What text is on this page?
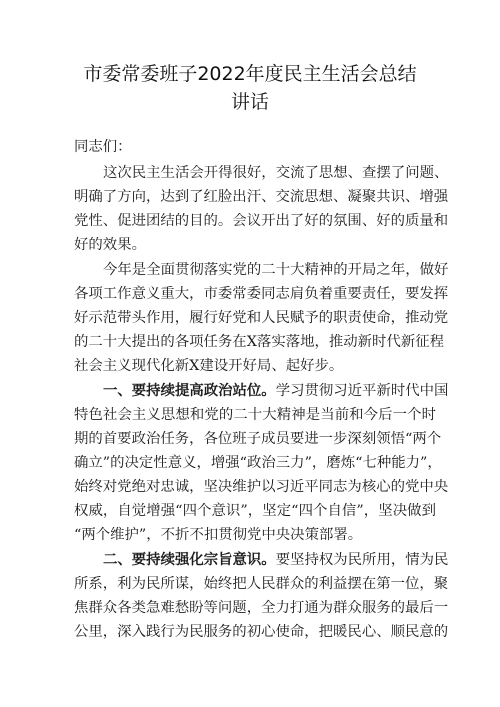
市委常委班子2022年度民主生活会总结
讲话
同志们：
这次民主生活会开得很好，交流了思想、查摆了问题、
明确了方向，达到了红脸出汗、交流思想、凝聚共识、增强
党性、促进团结的目的。会议开出了好的氛围、好的质量和
好的效果。
今年是全面贯彻落实党的二十大精神的开局之年，做好
各项工作意义重大，市委常委同志肩负着重要责任，要发挥
好示范带头作用，履行好党和人民赋予的职责使命，推动党
的二十大提出的各项任务在X落实落地，推动新时代新征程
社会主义现代化新X建设开好局、起好步。
一、要持续提高政治站位。学习贯彻习近平新时代中国
特色社会主义思想和党的二十大精神是当前和今后一个时
期的首要政治任务，各位班子成员要进一步深刻领悟“两个
确立”的决定性意义，增强“政治三力”，磨炼“七种能力”，
始终对党绝对忠诚，坚决维护以习近平同志为核心的党中央
权威，自觉增强“四个意识”，坚定“四个自信”，坚决做到
“两个维护”，不折不扣贯彻党中央决策部署。
二、要持续强化宗旨意识。要坚持权为民所用，情为民
所系，利为民所谋，始终把人民群众的利益摆在第一位，聚
焦群众各类急难愁盼等问题，全力打通为群众服务的最后一
公里，深入践行为民服务的初心使命，把暖民心、顺民意的
